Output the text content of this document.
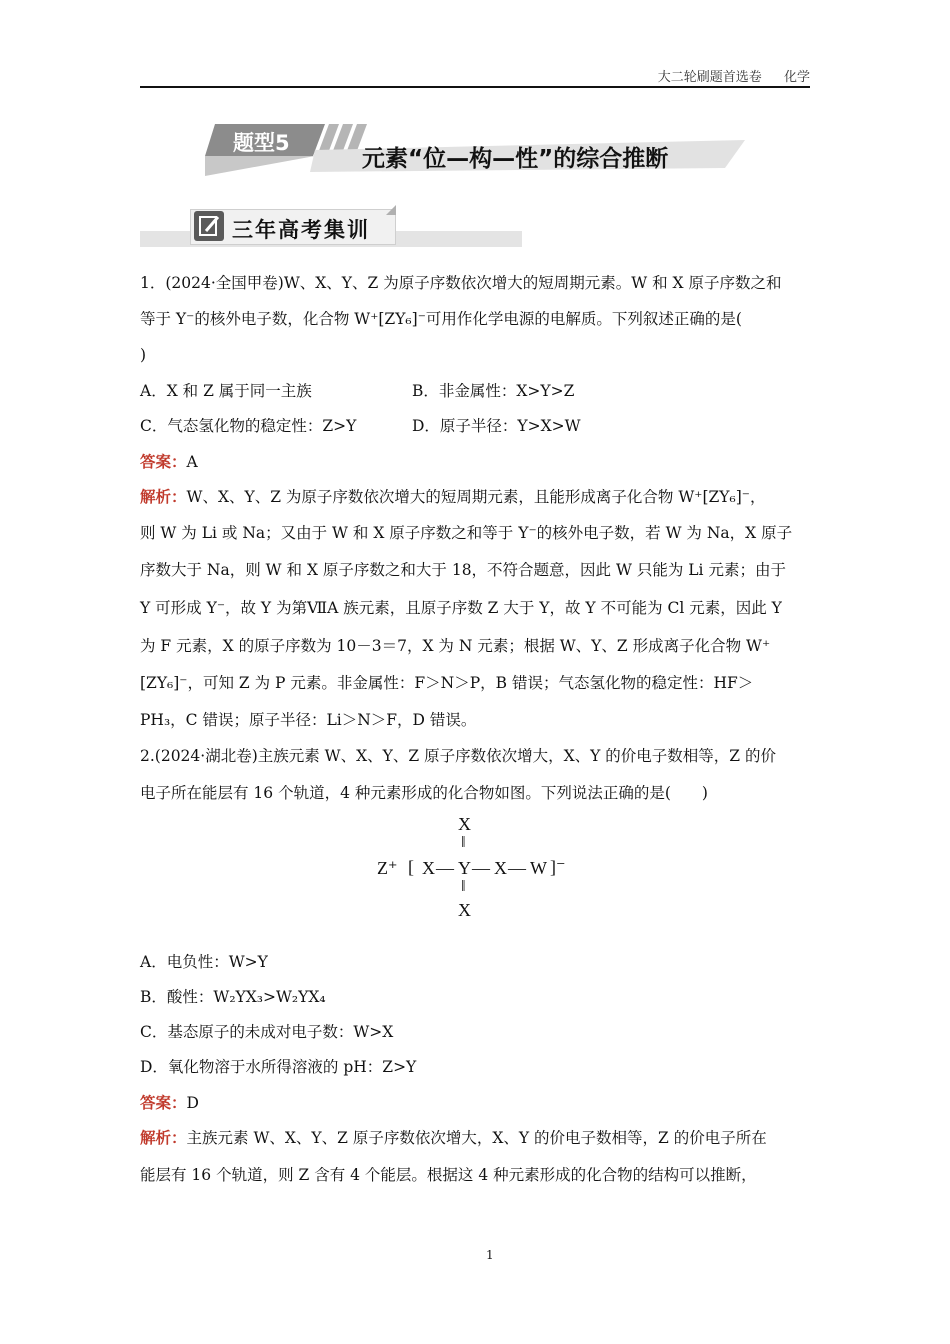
大二轮刷题首选卷 化学
题型5
元素“位—构—性”的综合推断
三年高考集训
1．(2024·全国甲卷)W、X、Y、Z 为原子序数依次增大的短周期元素。W 和 X 原子序数之和
等于 Y⁻的核外电子数，化合物 W⁺[ZY₆]⁻可用作化学电源的电解质。下列叙述正确的是(
)
A．X 和 Z 属于同一主族	B．非金属性：X>Y>Z
C．气态氢化物的稳定性：Z>Y	D．原子半径：Y>X>W
答案：A
解析：W、X、Y、Z 为原子序数依次增大的短周期元素，且能形成离子化合物 W⁺[ZY₆]⁻，
则 W 为 Li 或 Na；又由于 W 和 X 原子序数之和等于 Y⁻的核外电子数，若 W 为 Na，X 原子
序数大于 Na，则 W 和 X 原子序数之和大于 18，不符合题意，因此 W 只能为 Li 元素；由于
Y 可形成 Y⁻，故 Y 为第ⅦA 族元素，且原子序数 Z 大于 Y，故 Y 不可能为 Cl 元素，因此 Y
为 F 元素，X 的原子序数为 10－3＝7，X 为 N 元素；根据 W、Y、Z 形成离子化合物 W⁺
[ZY₆]⁻，可知 Z 为 P 元素。非金属性：F＞N＞P，B 错误；气态氢化物的稳定性：HF＞
PH₃，C 错误；原子半径：Li＞N＞F，D 错误。
2.(2024·湖北卷)主族元素 W、X、Y、Z 原子序数依次增大，X、Y 的价电子数相等，Z 的价
电子所在能层有 16 个轨道，4 种元素形成的化合物如图。下列说法正确的是(　　)
X
‖
Z⁺ [ X — Y — X — W ]⁻
‖
X
A．电负性：W>Y
B．酸性：W₂YX₃>W₂YX₄
C．基态原子的未成对电子数：W>X
D．氧化物溶于水所得溶液的 pH：Z>Y
答案：D
解析：主族元素 W、X、Y、Z 原子序数依次增大，X、Y 的价电子数相等，Z 的价电子所在
能层有 16 个轨道，则 Z 含有 4 个能层。根据这 4 种元素形成的化合物的结构可以推断，
1
